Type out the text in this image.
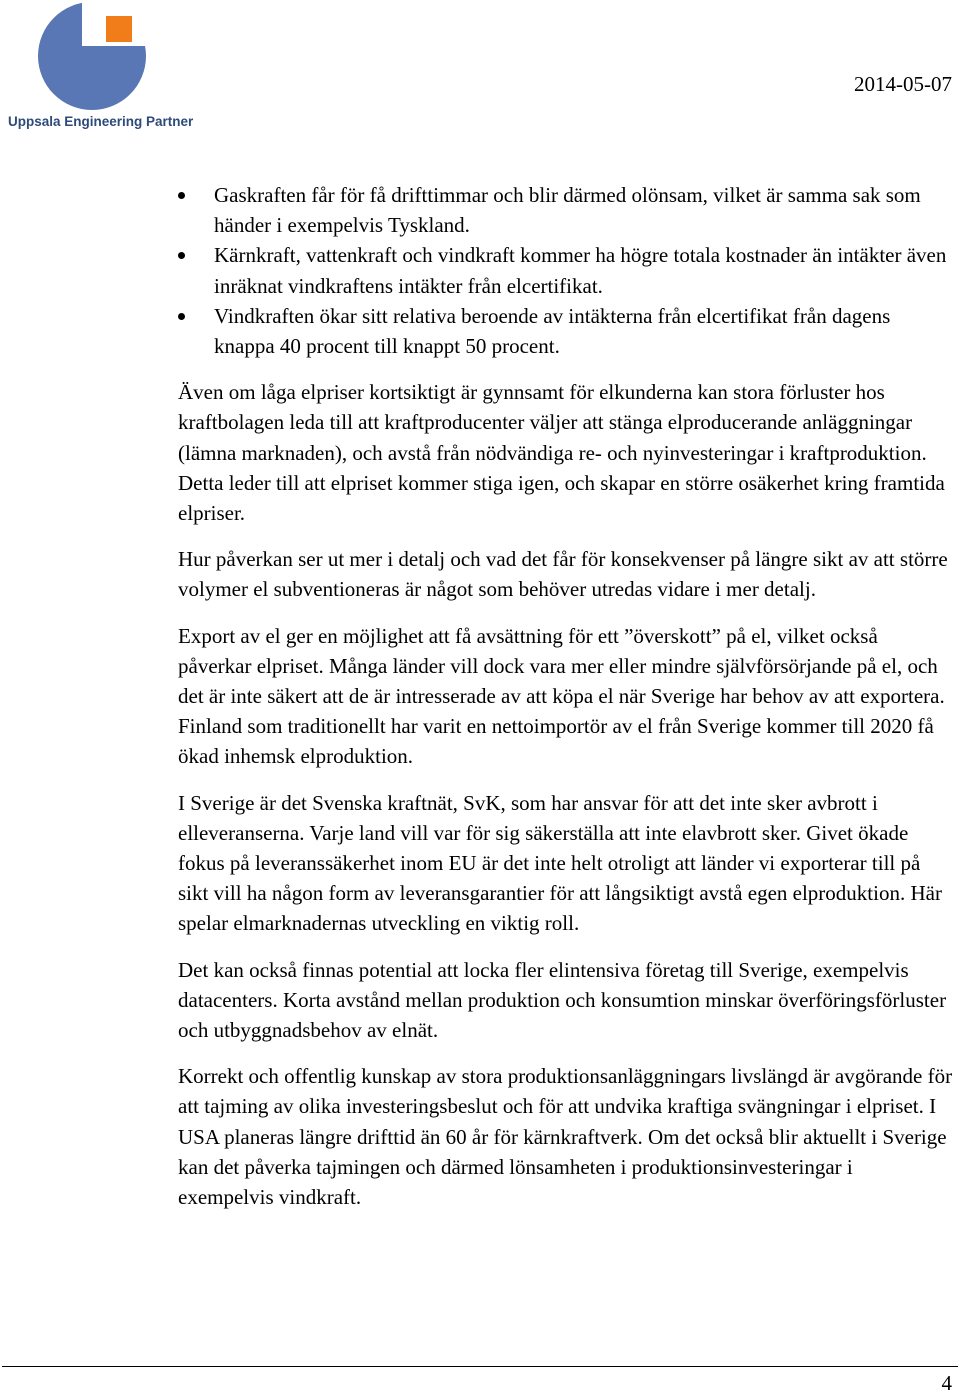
Uppsala Engineering Partner
2014-05-07
Gaskraften får för få drifttimmar och blir därmed olönsam, vilket är samma sak som händer i exempelvis Tyskland.
Kärnkraft, vattenkraft och vindkraft kommer ha högre totala kostnader än intäkter även inräknat vindkraftens intäkter från elcertifikat.
Vindkraften ökar sitt relativa beroende av intäkterna från elcertifikat från dagens knappa 40 procent till knappt 50 procent.

Även om låga elpriser kortsiktigt är gynnsamt för elkunderna kan stora förluster hos kraftbolagen leda till att kraftproducenter väljer att stänga elproducerande anläggningar (lämna marknaden), och avstå från nödvändiga re- och nyinvesteringar i kraftproduktion. Detta leder till att elpriset kommer stiga igen, och skapar en större osäkerhet kring framtida elpriser.

Hur påverkan ser ut mer i detalj och vad det får för konsekvenser på längre sikt av att större volymer el subventioneras är något som behöver utredas vidare i mer detalj.

Export av el ger en möjlighet att få avsättning för ett ”överskott” på el, vilket också påverkar elpriset. Många länder vill dock vara mer eller mindre självförsörjande på el, och det är inte säkert att de är intresserade av att köpa el när Sverige har behov av att exportera. Finland som traditionellt har varit en nettoimportör av el från Sverige kommer till 2020 få ökad inhemsk elproduktion.

I Sverige är det Svenska kraftnät, SvK, som har ansvar för att det inte sker avbrott i elleveranserna. Varje land vill var för sig säkerställa att inte elavbrott sker. Givet ökade fokus på leveranssäkerhet inom EU är det inte helt otroligt att länder vi exporterar till på sikt vill ha någon form av leveransgarantier för att långsiktigt avstå egen elproduktion. Här spelar elmarknadernas utveckling en viktig roll.

Det kan också finnas potential att locka fler elintensiva företag till Sverige, exempelvis datacenters. Korta avstånd mellan produktion och konsumtion minskar överföringsförluster och utbyggnadsbehov av elnät.

Korrekt och offentlig kunskap av stora produktionsanläggningars livslängd är avgörande för att tajming av olika investeringsbeslut och för att undvika kraftiga svängningar i elpriset. I USA planeras längre drifttid än 60 år för kärnkraftverk. Om det också blir aktuellt i Sverige kan det påverka tajmingen och därmed lönsamheten i produktionsinvesteringar i exempelvis vindkraft.

4
